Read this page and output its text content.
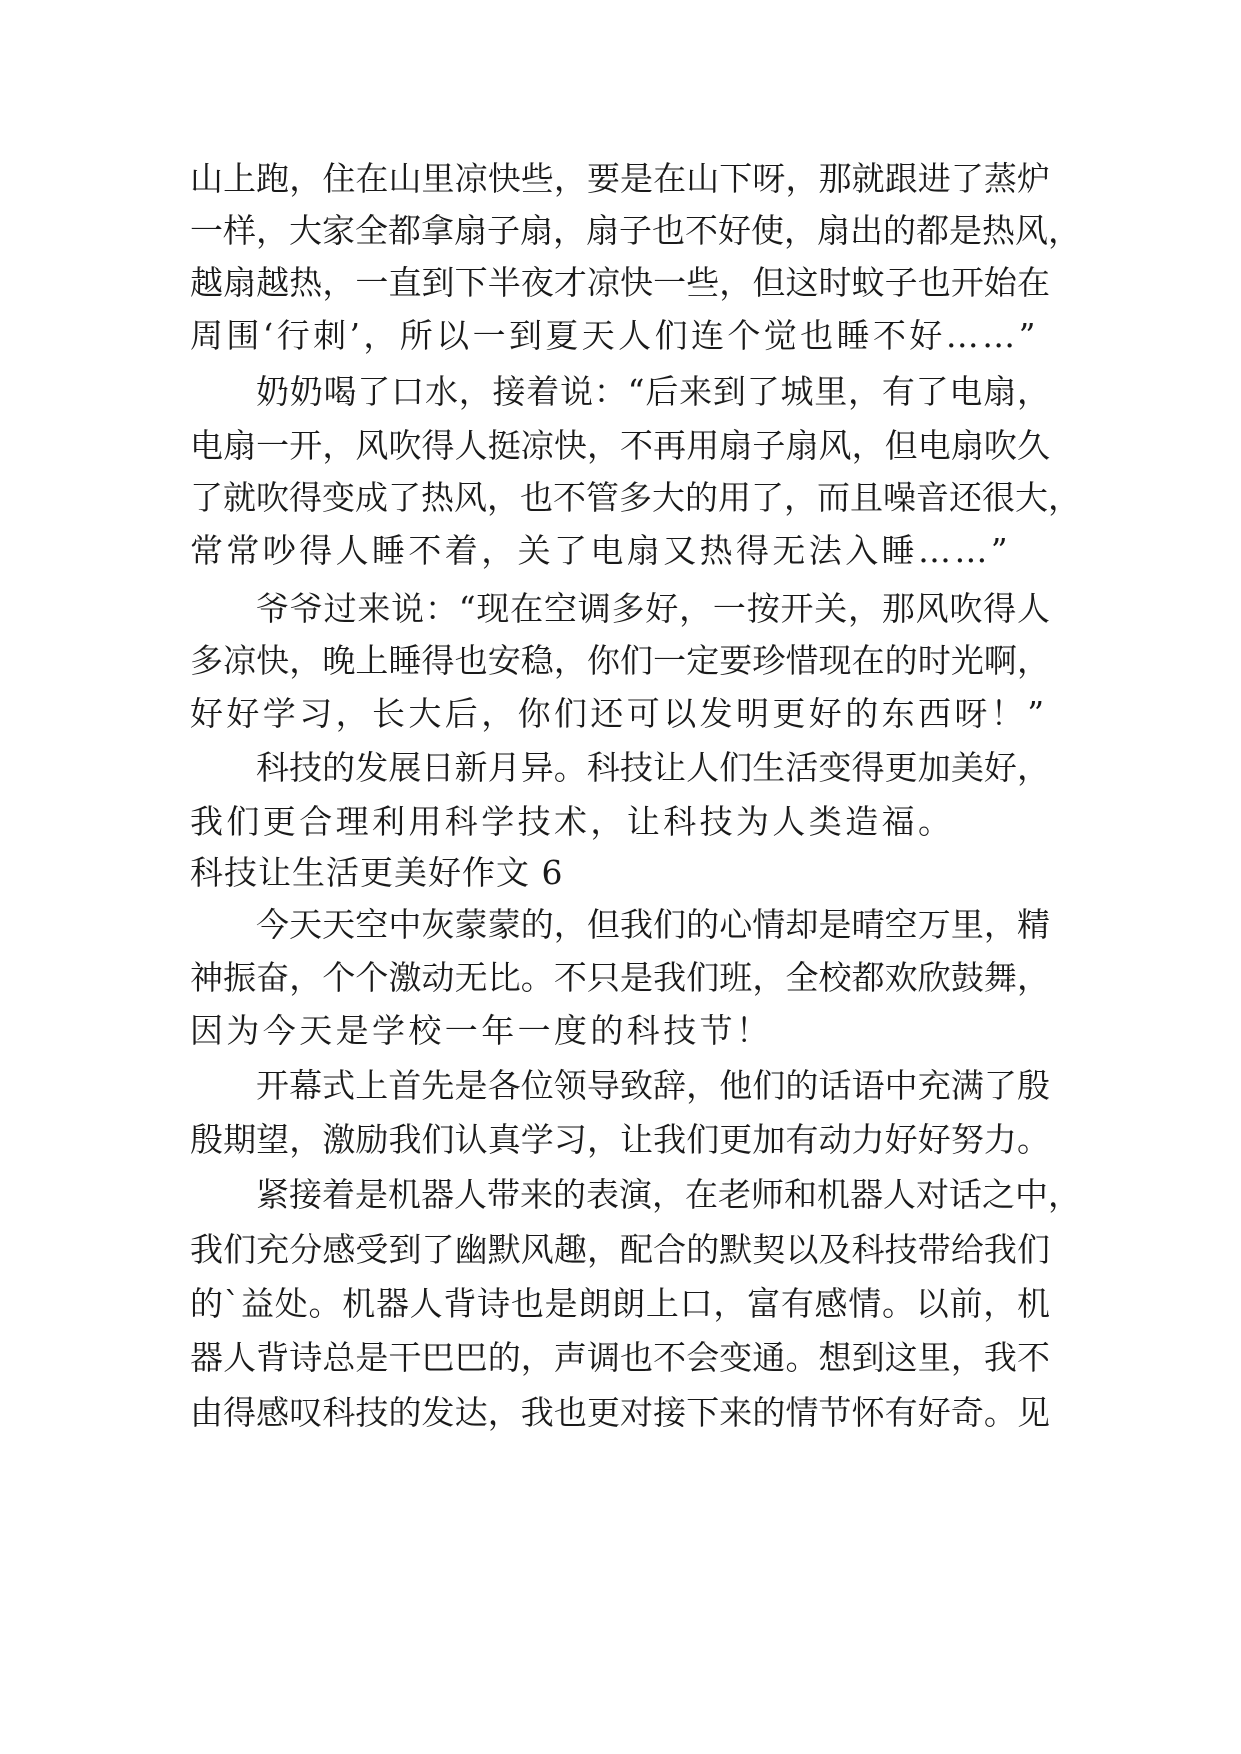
山上跑，住在山里凉快些，要是在山下呀，那就跟进了蒸炉
一样，大家全都拿扇子扇，扇子也不好使，扇出的都是热风，
越扇越热，一直到下半夜才凉快一些，但这时蚊子也开始在
周围‘行刺’，所以一到夏天人们连个觉也睡不好……”
奶奶喝了口水，接着说：“后来到了城里，有了电扇，
电扇一开，风吹得人挺凉快，不再用扇子扇风，但电扇吹久
了就吹得变成了热风，也不管多大的用了，而且噪音还很大，
常常吵得人睡不着，关了电扇又热得无法入睡……”
爷爷过来说：“现在空调多好，一按开关，那风吹得人
多凉快，晚上睡得也安稳，你们一定要珍惜现在的时光啊，
好好学习，长大后，你们还可以发明更好的东西呀！”
科技的发展日新月异。科技让人们生活变得更加美好，
我们更合理利用科学技术，让科技为人类造福。
科技让生活更美好作文 6
今天天空中灰蒙蒙的，但我们的心情却是晴空万里，精
神振奋，个个激动无比。不只是我们班，全校都欢欣鼓舞，
因为今天是学校一年一度的科技节！
开幕式上首先是各位领导致辞，他们的话语中充满了殷
殷期望，激励我们认真学习，让我们更加有动力好好努力。
紧接着是机器人带来的表演，在老师和机器人对话之中，
我们充分感受到了幽默风趣，配合的默契以及科技带给我们
的`益处。机器人背诗也是朗朗上口，富有感情。以前，机
器人背诗总是干巴巴的，声调也不会变通。想到这里，我不
由得感叹科技的发达，我也更对接下来的情节怀有好奇。见
